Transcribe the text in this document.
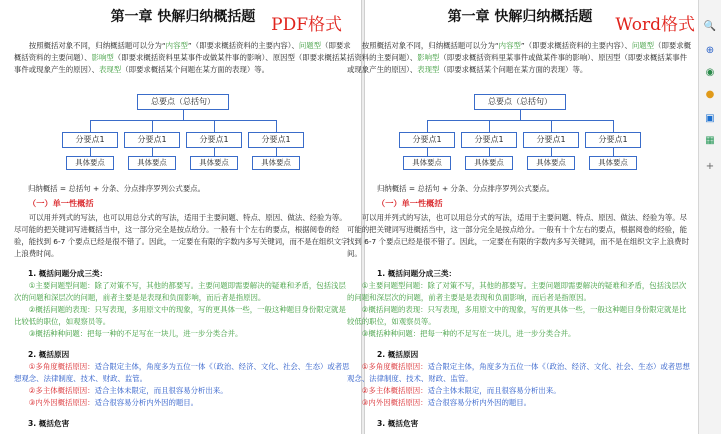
第一章 快解归纳概括题 PDF格式
按照概括对象不同，归纳概括题可以分为“内容型”（即要求概括资料的主要内容）、问题型（即要求概括资料的主要问题）、影响型（即要求概括资料里某事件或做某件事的影响）、原因型（即要求概括某事件或现象产生的原因）、表现型（即要求概括某个问题在某方面的表现）等。
总要点（总括句）
分要点1
具体要点
分要点1
具体要点
分要点1
具体要点
分要点1
具体要点
归纳概括 = 总括句 + 分条、分点排序罗列公式要点。
（一）单一性概括
可以用并列式的写法，也可以用总分式的写法，适用于主要问题、特点、原因、做法、经验为等。尽可能的把关键词写进概括当中，这一部分完全是按点给分。一般有十个左右的要点，根据阅卷的经验，能找到 6-7 个要点已经是很不错了。因此，一定要在有限的字数内多写关键词，而不是在组织文字上浪费时间。
1. 概括问题分成三类：
①主要问题型问题：除了对策不写，其他的都要写。主要问题即需要解决的疑难和矛盾，包括浅层次的问题和深层次的问题，前者主要是是表现和负面影响，而后者是指原因。
②概括问题的表现：只写表现，多用原文中的现象，写的更具体一些，一般这种题目身份限定就是比较低的职位，如观察员等。
③概括种种问题：把每一种的不足写在一块儿，进一步分类合并。
2. 概括原因
①多角度概括原因：适合限定主体，角度多为五位一体《（政治、经济、文化、社会、生态）或者思想观念、法律制度、技术、财政、监管。
②多主体概括原因：适合主体未限定，而且很容易分析出来。
③内外因概括原因：适合很容易分析内外因的题目。
3. 概括危害
第一章 快解归纳概括题	Word格式
按照概括对象不同，归纳概括题可以分为“内容型”（即要求概括资料的主要内容）、问题型（即要求概括资料的主要问题）、影响型（即要求概括资料里某事件或做某件事的影响）、原因型（即要求概括某事件或现象产生的原因）、表现型（即要求概括某个问题在某方面的表现）等。
总要点（总括句）
分要点1
具体要点
分要点1
具体要点
分要点1
具体要点
分要点1
具体要点
归纳概括 = 总括句 + 分条、分点排序罗列公式要点。
（一）单一性概括
可以用并列式的写法，也可以用总分式的写法，适用于主要问题、特点、原因、做法、经验为等。尽可能的把关键词写进概括当中，这一部分完全是按点给分。一般有十个左右的要点，根据阅卷的经验，能找到 6-7 个要点已经是很不错了。因此，一定要在有限的字数内多写关键词，而不是在组织文字上浪费时间。
1. 概括问题分成三类：
①主要问题型问题：除了对策不写，其他的都要写。主要问题即需要解决的疑难和矛盾，包括浅层次的问题和深层次的问题，前者主要是是表现和负面影响，而后者是指原因。
②概括问题的表现：只写表现，多用原文中的现象，写的更具体一些，一般这种题目身份限定就是比较低的职位，如观察员等。
③概括种种问题：把每一种的不足写在一块儿，进一步分类合并。
2. 概括原因
①多角度概括原因：适合限定主体，角度多为五位一体《（政治、经济、文化、社会、生态）或者思想观念、法律制度、技术、财政、监管。
②多主体概括原因：适合主体未限定，而且很容易分析出来。
③内外因概括原因：适合很容易分析内外因的题目。
3. 概括危害
🔍
⊕
◉
●
▣
▦
+
